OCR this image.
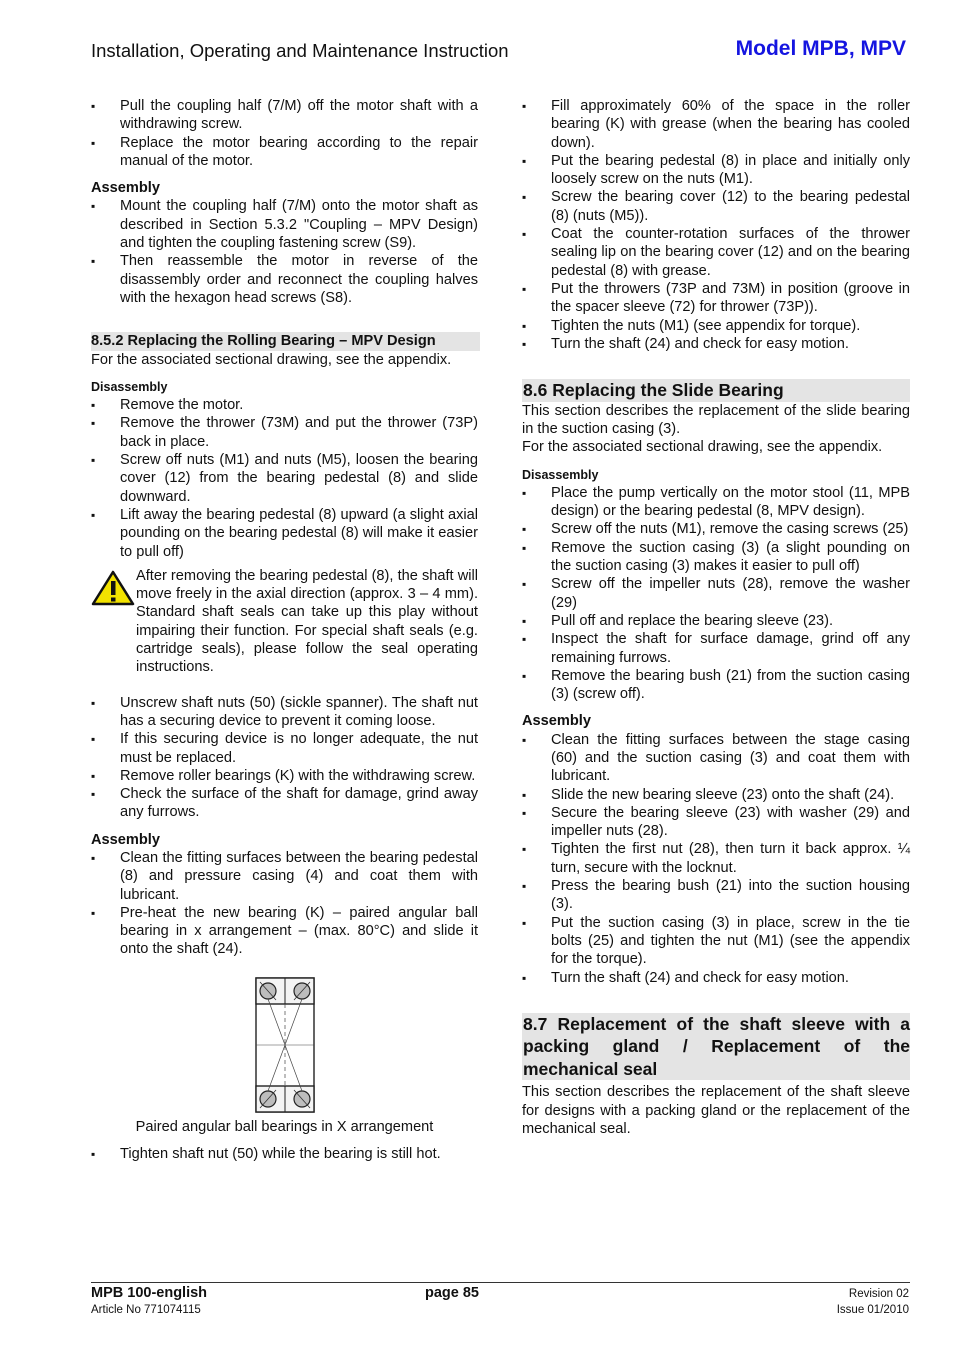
Installation, Operating and Maintenance Instruction	Model MPB, MPV
▪ Pull the coupling half (7/M) off the motor shaft with a withdrawing screw.
▪ Replace the motor bearing according to the repair manual of the motor.
Assembly
▪ Mount the coupling half (7/M) onto the motor shaft as described in Section 5.3.2 "Coupling – MPV Design) and tighten the coupling fastening screw (S9).
▪ Then reassemble the motor in reverse of the disassembly order and reconnect the coupling halves with the hexagon head screws (S8).
8.5.2 Replacing the Rolling Bearing – MPV Design

For the associated sectional drawing, see the appendix.

Disassembly
▪ Remove the motor.
▪ Remove the thrower (73M) and put the thrower (73P) back in place.
▪ Screw off nuts (M1) and nuts (M5), loosen the bearing cover (12) from the bearing pedestal (8) and slide downward.
▪ Lift away the bearing pedestal (8) upward (a slight axial pounding on the bearing pedestal (8) will make it easier to pull off)
After removing the bearing pedestal (8), the shaft will move freely in the axial direction (approx. 3 – 4 mm). Standard shaft seals can take up this play without impairing their function. For special shaft seals (e.g. cartridge seals), please follow the seal operating instructions.
▪ Unscrew shaft nuts (50) (sickle spanner). The shaft nut has a securing device to prevent it coming loose.
▪ If this securing device is no longer adequate, the nut must be replaced.
▪ Remove roller bearings (K) with the withdrawing screw.
▪ Check the surface of the shaft for damage, grind away any furrows.
Assembly
▪ Clean the fitting surfaces between the bearing pedestal (8) and pressure casing (4) and coat them with lubricant.
▪ Pre-heat the new bearing (K) – paired angular ball bearing in x arrangement – (max. 80°C) and slide it onto the shaft (24).
Paired angular ball bearings in X arrangement
▪ Tighten shaft nut (50) while the bearing is still hot.
▪ Fill approximately 60% of the space in the roller bearing (K) with grease (when the bearing has cooled down).
▪ Put the bearing pedestal (8) in place and initially only loosely screw on the nuts (M1).
▪ Screw the bearing cover (12) to the bearing pedestal (8) (nuts (M5)).
▪ Coat the counter-rotation surfaces of the thrower sealing lip on the bearing cover (12) and on the bearing pedestal (8) with grease.
▪ Put the throwers (73P and 73M) in position (groove in the spacer sleeve (72) for thrower (73P)).
▪ Tighten the nuts (M1) (see appendix for torque).
▪ Turn the shaft (24) and check for easy motion.
8.6 Replacing the Slide Bearing

This section describes the replacement of the slide bearing in the suction casing (3).

For the associated sectional drawing, see the appendix.

Disassembly
▪ Place the pump vertically on the motor stool (11, MPB design) or the bearing pedestal (8, MPV design).
▪ Screw off the nuts (M1), remove the casing screws (25)
▪ Remove the suction casing (3) (a slight pounding on the suction casing (3) makes it easier to pull off)
▪ Screw off the impeller nuts (28), remove the washer (29)
▪ Pull off and replace the bearing sleeve (23).
▪ Inspect the shaft for surface damage, grind off any remaining furrows.
▪ Remove the bearing bush (21) from the suction casing (3) (screw off).
Assembly
▪ Clean the fitting surfaces between the stage casing (60) and the suction casing (3) and coat them with lubricant.
▪ Slide the new bearing sleeve (23) onto the shaft (24).
▪ Secure the bearing sleeve (23) with washer (29) and impeller nuts (28).
▪ Tighten the first nut (28), then turn it back approx. ¼ turn, secure with the locknut.
▪ Press the bearing bush (21) into the suction housing (3).
▪ Put the suction casing (3) in place, screw in the tie bolts (25) and tighten the nut (M1) (see the appendix for the torque).
▪ Turn the shaft (24) and check for easy motion.
8.7 Replacement of the shaft sleeve with a packing gland / Replacement of the mechanical seal

This section describes the replacement of the shaft sleeve for designs with a packing gland or the replacement of the mechanical seal.

MPB 100-english
Article No 771074115
page 85	Revision 02
Issue 01/2010
